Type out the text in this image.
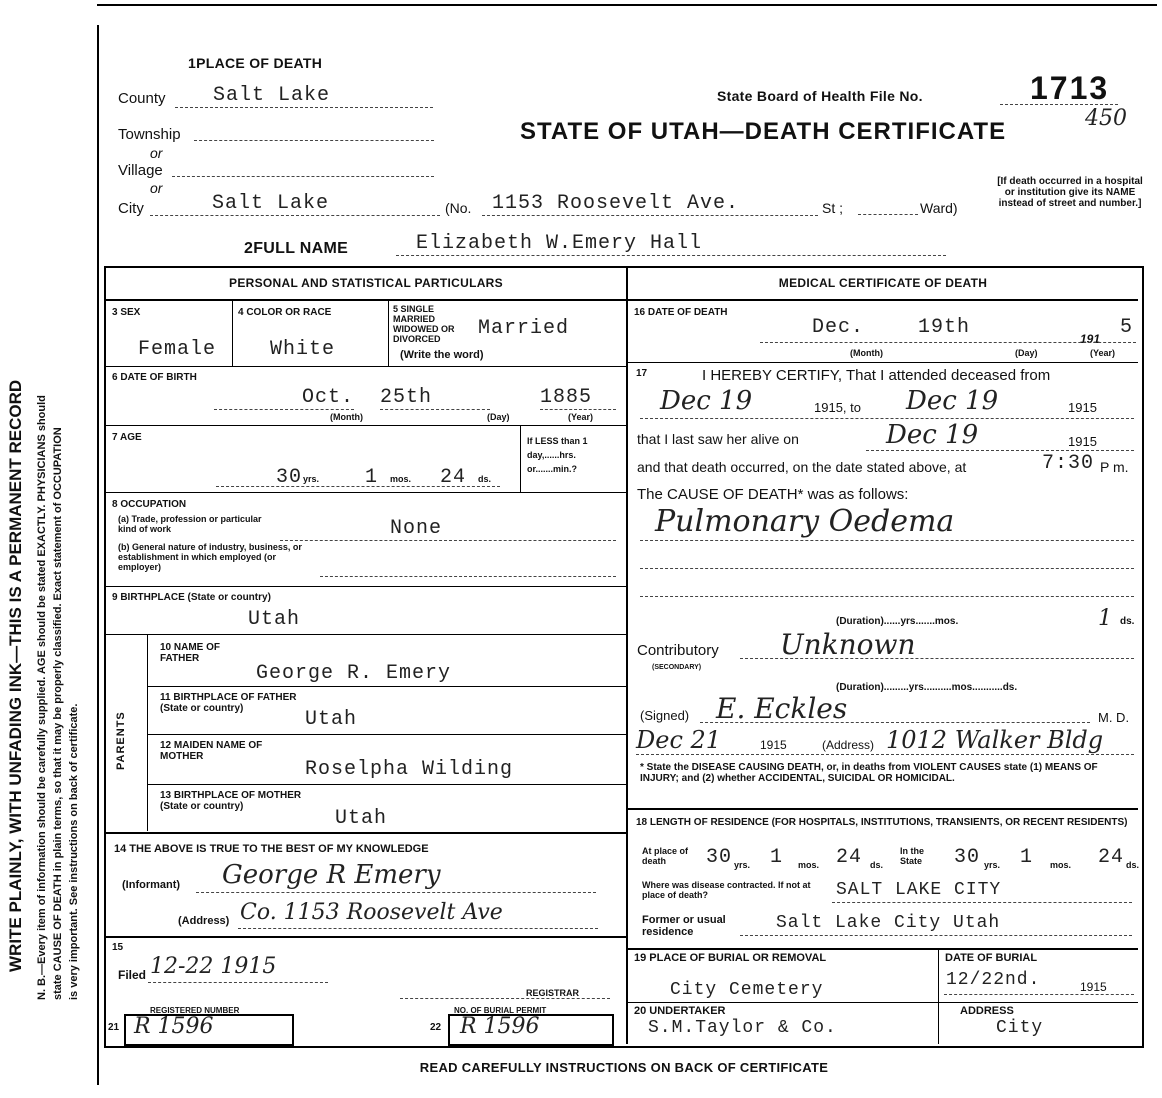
WRITE PLAINLY, WITH UNFADING INK—THIS IS A PERMANENT RECORD N. B.—Every item of information should be carefully supplied. AGE should be stated EXACTLY. PHYSICIANS should state CAUSE OF DEATH in plain terms, so that it may be properly classified. Exact statement of OCCUPATION is very important. See instructions on back of certificate.
1PLACE OF DEATH
County	Salt Lake
Township
or
Village
or
City	Salt Lake	(No.	1153 Roosevelt Ave.	St ;	Ward)
State Board of Health File No.	1713
450
STATE OF UTAH—DEATH CERTIFICATE
[If death occurred in a hospital or institution give its NAME instead of street and number.]
2FULL NAME	Elizabeth W.Emery Hall
PERSONAL AND STATISTICAL PARTICULARS	MEDICAL CERTIFICATE OF DEATH
3 SEX
Female
4 COLOR OR RACE
White
5 SINGLE MARRIED WIDOWED OR DIVORCED
(Write the word)
Married
6 DATE OF BIRTH
Oct. 25th	1885
(Month)	(Day)	(Year)
7 AGE
30 yrs. 1 mos. 24 ds.
If LESS than 1 day,......hrs. or.......min.?
8 OCCUPATION
(a) Trade, profession or particular kind of work
(b) General nature of industry, business, or establishment in which employed (or employer)
None
9 BIRTHPLACE (State or country)
Utah
PARENTS
10 NAME OF FATHER
George R. Emery
11 BIRTHPLACE OF FATHER (State or country)	Utah
12 MAIDEN NAME OF MOTHER
Roselpha Wilding
13 BIRTHPLACE OF MOTHER (State or country)
Utah
14 THE ABOVE IS TRUE TO THE BEST OF MY KNOWLEDGE
(Informant) George R Emery
(Address) Co. 1153 Roosevelt Ave
15
Filed 12-22 1915
REGISTRAR
REGISTERED NUMBER
21 R 1596
NO. OF BURIAL PERMIT
22 R 1596
16 DATE OF DEATH
Dec.	19th	191 5
(Month)	(Day)	(Year)
17	I HEREBY CERTIFY, That I attended deceased from
Dec 19	1915, to Dec 19	1915
that I last saw her alive on	Dec 19	1915
and that death occurred, on the date stated above, at	7:30 P m.
The CAUSE OF DEATH* was as follows:
Pulmonary Oedema
(Duration)......yrs.......mos.	1 ds.
Contributory
(SECONDARY)
Unknown
(Duration).........yrs..........mos...........ds.
(Signed) E. Eckles	M. D.
Dec 21	1915	(Address) 1012 Walker Bldg
* State the DISEASE CAUSING DEATH, or, in deaths from VIOLENT CAUSES state (1) MEANS OF INJURY; and (2) whether ACCIDENTAL, SUICIDAL OR HOMICIDAL.
18 LENGTH OF RESIDENCE (FOR HOSPITALS, INSTITUTIONS, TRANSIENTS, OR RECENT RESIDENTS)
At place of death	30 yrs. 1 mos. 24 ds.
In the State	30 yrs. 1 mos. 24 ds.
Where was disease contracted. If not at place of death?	SALT LAKE CITY
Former or usual residence	Salt Lake City Utah
19 PLACE OF BURIAL OR REMOVAL
City Cemetery
DATE OF BURIAL
12/22nd.	1915
20 UNDERTAKER
S.M.Taylor & Co.
ADDRESS
City
READ CAREFULLY INSTRUCTIONS ON BACK OF CERTIFICATE
